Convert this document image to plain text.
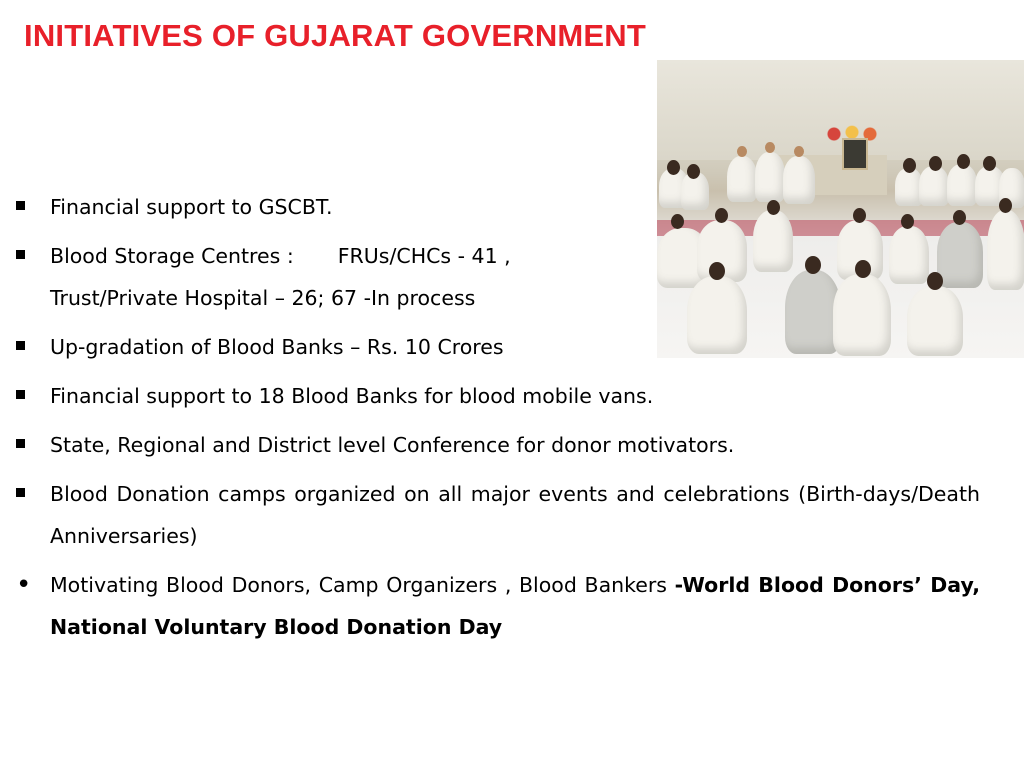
INITIATIVES OF GUJARAT GOVERNMENT
Financial support to GSCBT.
Blood Storage Centres : FRUs/CHCs - 41 ,
Trust/Private Hospital – 26; 67 -In process
Up-gradation of Blood Banks – Rs. 10 Crores
Financial support to 18 Blood Banks for blood mobile vans.
State, Regional and District level Conference for donor motivators.
Blood Donation camps organized on all major events and celebrations (Birth-days/Death Anniversaries)
•
Motivating Blood Donors, Camp Organizers , Blood Bankers -World Blood Donors’ Day, National Voluntary Blood Donation Day
